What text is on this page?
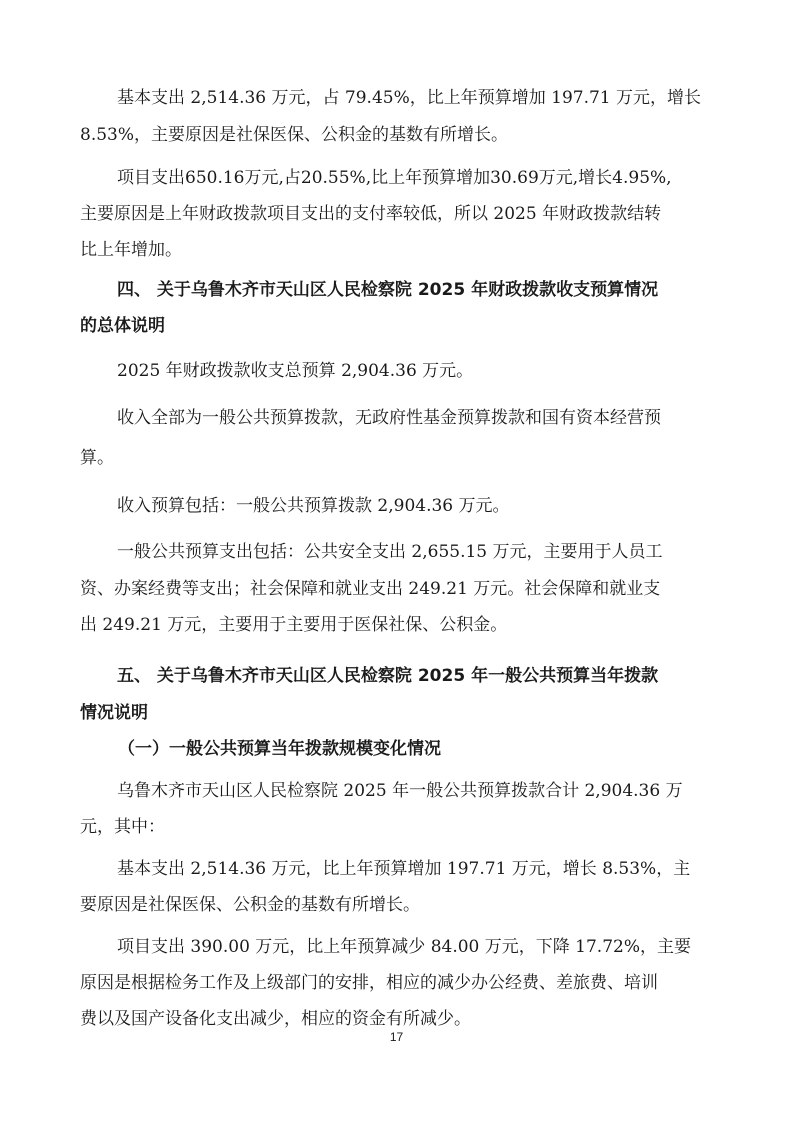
基本支出 2,514.36 万元，占 79.45%，比上年预算增加 197.71 万元，增长
8.53%，主要原因是社保医保、公积金的基数有所增长。
项目支出650.16万元,占20.55%,比上年预算增加30.69万元,增长4.95%,
主要原因是上年财政拨款项目支出的支付率较低，所以 2025 年财政拨款结转
比上年增加。
四、 关于乌鲁木齐市天山区人民检察院 2025 年财政拨款收支预算情况
的总体说明
2025 年财政拨款收支总预算 2,904.36 万元。
收入全部为一般公共预算拨款，无政府性基金预算拨款和国有资本经营预
算。
收入预算包括：一般公共预算拨款 2,904.36 万元。
一般公共预算支出包括：公共安全支出 2,655.15 万元，主要用于人员工
资、办案经费等支出；社会保障和就业支出 249.21 万元。社会保障和就业支
出 249.21 万元，主要用于主要用于医保社保、公积金。
五、 关于乌鲁木齐市天山区人民检察院 2025 年一般公共预算当年拨款
情况说明
（一）一般公共预算当年拨款规模变化情况
乌鲁木齐市天山区人民检察院 2025 年一般公共预算拨款合计 2,904.36 万
元，其中：
基本支出 2,514.36 万元，比上年预算增加 197.71 万元，增长 8.53%，主
要原因是社保医保、公积金的基数有所增长。
项目支出 390.00 万元，比上年预算减少 84.00 万元，下降 17.72%，主要
原因是根据检务工作及上级部门的安排，相应的减少办公经费、差旅费、培训
费以及国产设备化支出减少，相应的资金有所减少。
17
